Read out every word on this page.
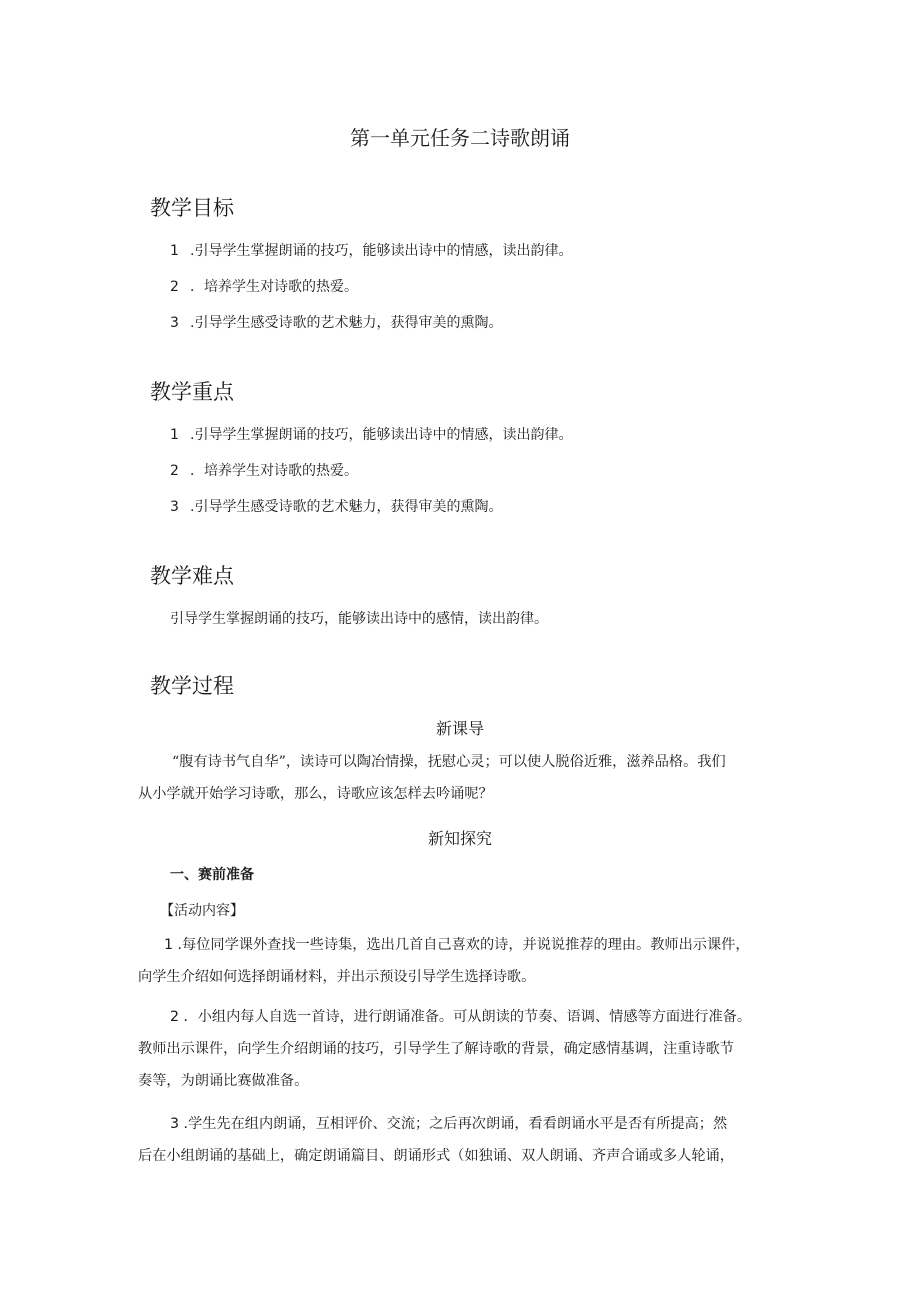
第一单元任务二诗歌朗诵
教学目标
1 .引导学生掌握朗诵的技巧，能够读出诗中的情感，读出韵律。
2 ．培养学生对诗歌的热爱。
3 .引导学生感受诗歌的艺术魅力，获得审美的熏陶。
教学重点
1 .引导学生掌握朗诵的技巧，能够读出诗中的情感，读出韵律。
2 ．培养学生对诗歌的热爱。
3 .引导学生感受诗歌的艺术魅力，获得审美的熏陶。
教学难点
引导学生掌握朗诵的技巧，能够读出诗中的感情，读出韵律。
教学过程
新课导

“腹有诗书气自华”，读诗可以陶冶情操，抚慰心灵；可以使人脱俗近雅，滋养品格。我们

从小学就开始学习诗歌，那么，诗歌应该怎样去吟诵呢？

新知探究
一、赛前准备
【活动内容】

1 .每位同学课外查找一些诗集，选出几首自己喜欢的诗，并说说推荐的理由。教师出示课件，

向学生介绍如何选择朗诵材料，并出示预设引导学生选择诗歌。

2 ．小组内每人自选一首诗，进行朗诵准备。可从朗读的节奏、语调、情感等方面进行准备。

教师出示课件，向学生介绍朗诵的技巧，引导学生了解诗歌的背景，确定感情基调，注重诗歌节

奏等，为朗诵比赛做准备。

3 .学生先在组内朗诵，互相评价、交流；之后再次朗诵，看看朗诵水平是否有所提高；然

后在小组朗诵的基础上，确定朗诵篇目、朗诵形式（如独诵、双人朗诵、齐声合诵或多人轮诵，
